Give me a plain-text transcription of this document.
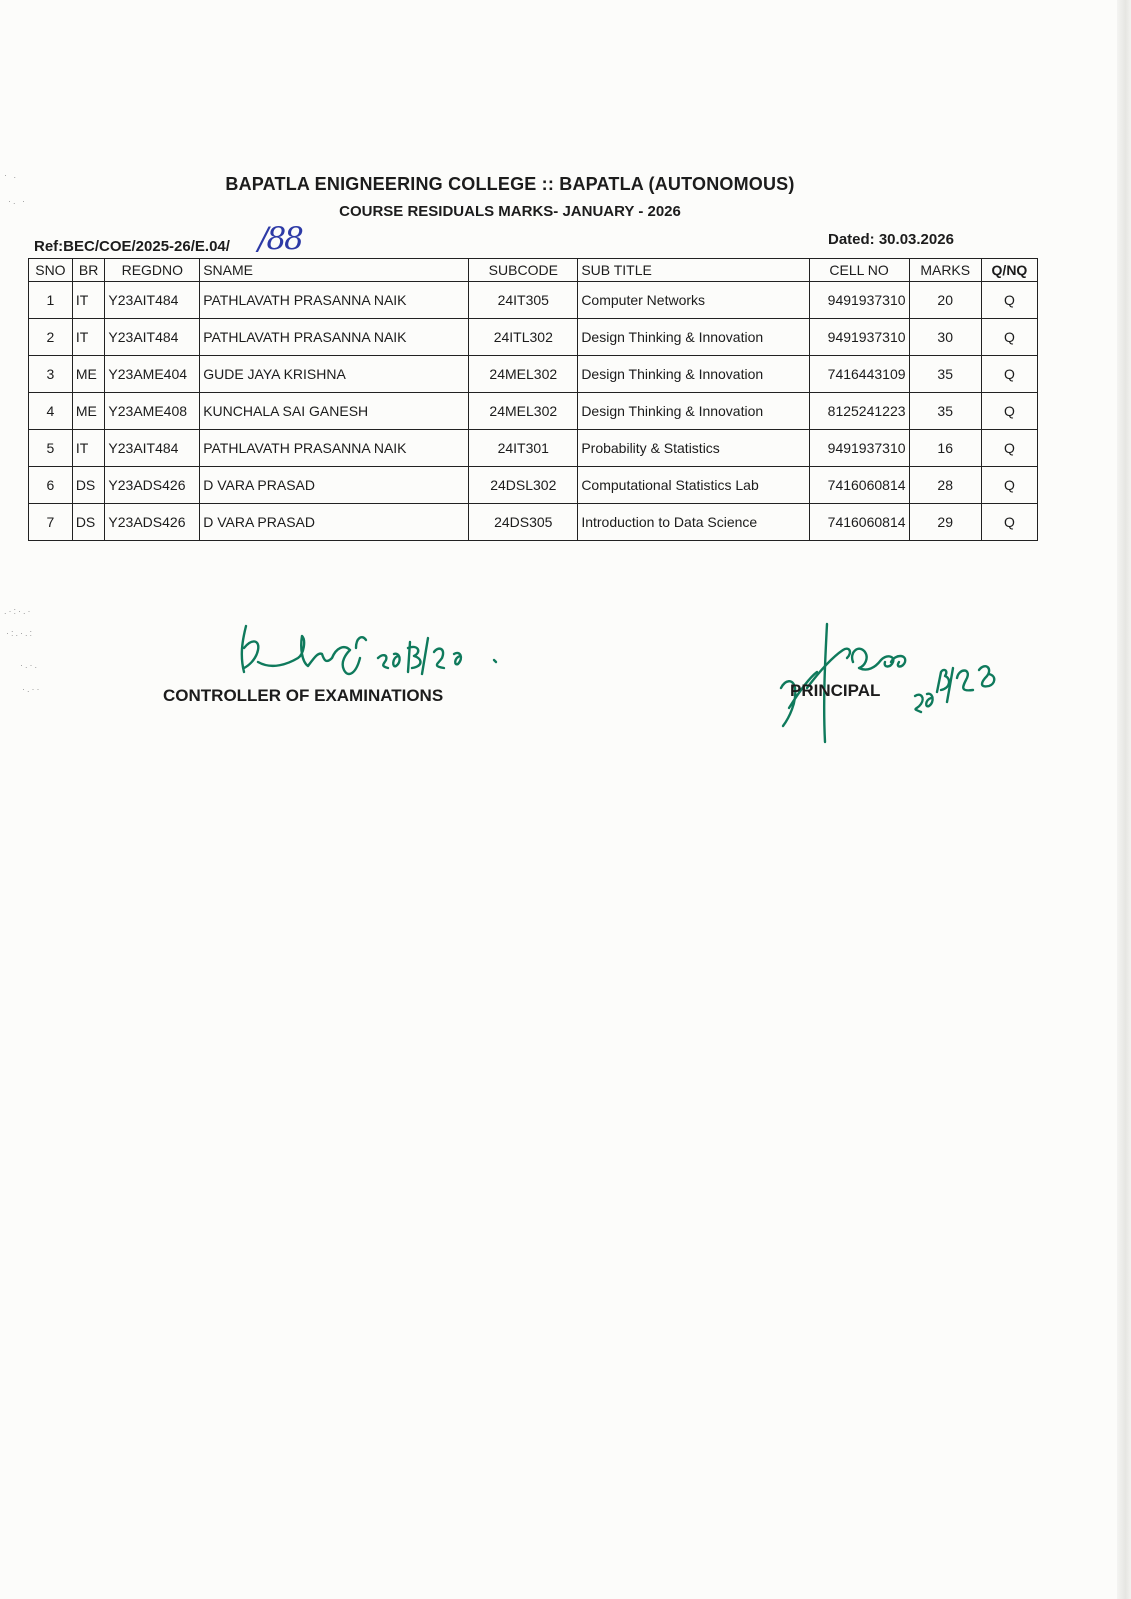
· .
·. ·
.·:·.·
·:.·.:
·.·.
·.··
BAPATLA ENIGNEERING COLLEGE :: BAPATLA (AUTONOMOUS)
COURSE RESIDUALS MARKS- JANUARY - 2026
Ref:BEC/COE/2025-26/E.04/ /88	Dated: 30.03.2026
SNO	BR	REGDNO	SNAME	SUBCODE	SUB TITLE	CELL NO	MARKS	Q/NQ
1	IT	Y23AIT484	PATHLAVATH PRASANNA NAIK	24IT305	Computer Networks	9491937310	20	Q
2	IT	Y23AIT484	PATHLAVATH PRASANNA NAIK	24ITL302	Design Thinking & Innovation	9491937310	30	Q
3	ME	Y23AME404	GUDE JAYA KRISHNA	24MEL302	Design Thinking & Innovation	7416443109	35	Q
4	ME	Y23AME408	KUNCHALA SAI GANESH	24MEL302	Design Thinking & Innovation	8125241223	35	Q
5	IT	Y23AIT484	PATHLAVATH PRASANNA NAIK	24IT301	Probability & Statistics	9491937310	16	Q
6	DS	Y23ADS426	D VARA PRASAD	24DSL302	Computational Statistics Lab	7416060814	28	Q
7	DS	Y23ADS426	D VARA PRASAD	24DS305	Introduction to Data Science	7416060814	29	Q
CONTROLLER OF EXAMINATIONS	PRINCIPAL
